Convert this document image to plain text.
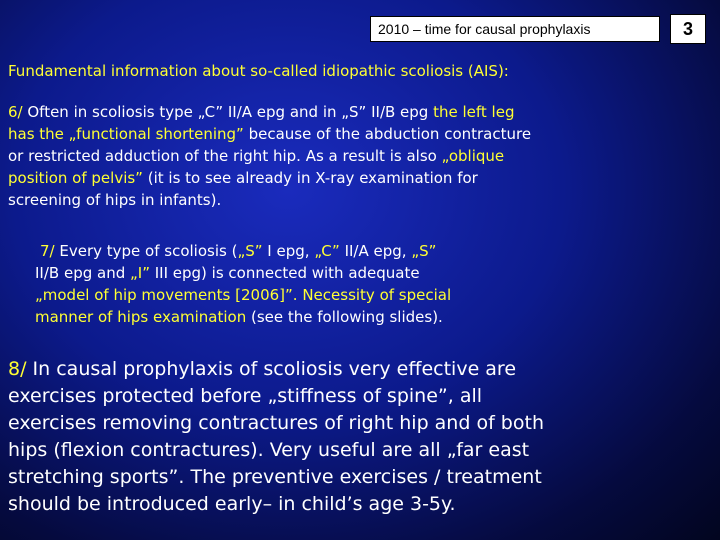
2010 – time for causal prophylaxis	3
Fundamental information about so-called idiopathic scoliosis (AIS):
6/ Often in scoliosis type „C” II/A epg and in „S” II/B epg the left leg
has the „functional shortening” because of the abduction contracture
or restricted adduction of the right hip. As a result is also „oblique
position of pelvis” (it is to see already in X-ray examination for
screening of hips in infants).
7/ Every type of scoliosis („S” I epg, „C” II/A epg, „S”
II/B epg and „I” III epg) is connected with adequate
„model of hip movements [2006]”. Necessity of special
manner of hips examination (see the following slides).
8/ In causal prophylaxis of scoliosis very effective are
exercises protected before „stiffness of spine”, all
exercises removing contractures of right hip and of both
hips (flexion contractures). Very useful are all „far east
stretching sports”. The preventive exercises / treatment
should be introduced early– in child’s age 3-5y.
